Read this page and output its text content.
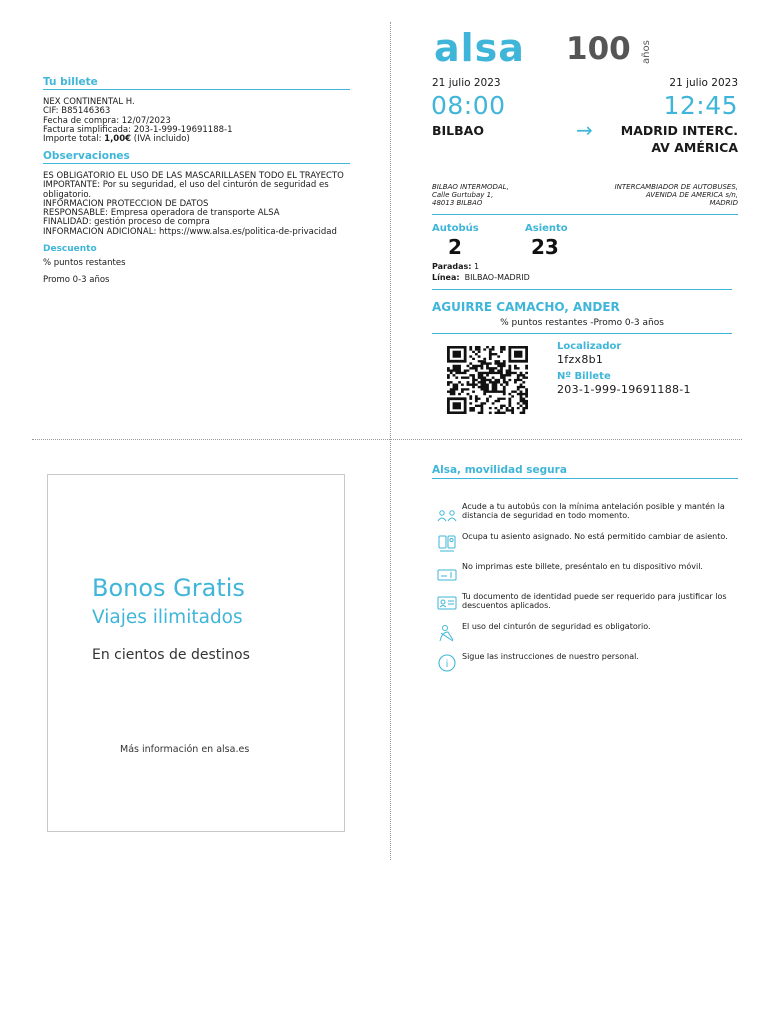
Tu billete
NEX CONTINENTAL H.
CIF: B85146363
Fecha de compra: 12/07/2023
Factura simplificada: 203-1-999-19691188-1
Importe total: 1,00€ (IVA incluido)
Observaciones
ES OBLIGATORIO EL USO DE LAS MASCARILLASEN TODO EL TRAYECTO
IMPORTANTE: Por su seguridad, el uso del cinturón de seguridad es
obligatorio.
INFORMACION PROTECCION DE DATOS
RESPONSABLE: Empresa operadora de transporte ALSA
FINALIDAD: gestión proceso de compra
INFORMACION ADICIONAL: https://www.alsa.es/politica-de-privacidad
Descuento
% puntos restantes
Promo 0-3 años
alsa 100 años
21 julio 2023	21 julio 2023
08:00	12:45
BILBAO	→ MADRID INTERC.
AV AMÉRICA
BILBAO INTERMODAL,
Calle Gurtubay 1,
48013 BILBAO
INTERCAMBIADOR DE AUTOBUSES,
AVENIDA DE AMERICA s/n,
MADRID
Autobús
2
Asiento
23
Paradas: 1
Línea:  BILBAO-MADRID
AGUIRRE CAMACHO, ANDER
% puntos restantes -Promo 0-3 años
Localizador
1fzx8b1
Nº Billete
203-1-999-19691188-1
Bonos Gratis
Viajes ilimitados
En cientos de destinos
Más información en alsa.es
Alsa, movilidad segura
i
Acude a tu autobús con la mínima antelación posible y mantén la distancia de seguridad en todo momento.
Ocupa tu asiento asignado. No está permitido cambiar de asiento.
No imprimas este billete, preséntalo en tu dispositivo móvil.
Tu documento de identidad puede ser requerido para justificar los descuentos aplicados.
El uso del cinturón de seguridad es obligatorio.
Sigue las instrucciones de nuestro personal.
